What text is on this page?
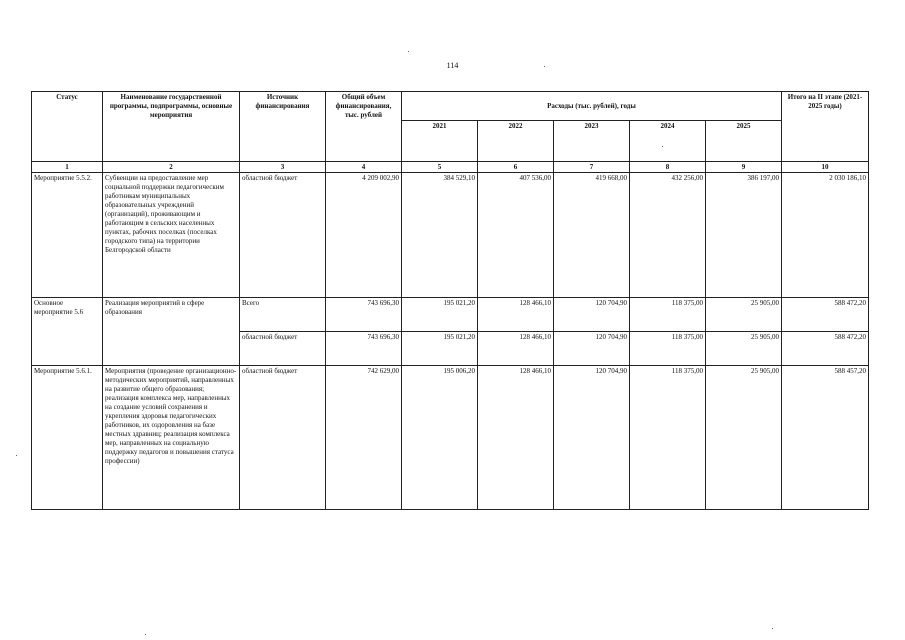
114
Статус	Наименование государственной программы, подпрограммы, основные мероприятия	Источник финансирования	Общий объем финансирования, тыс. рублей	Расходы (тыс. рублей), годы					Итого на II этапе (2021-2025 годы)
				2021	2022	2023	2024	2025	
1	2	3	4	5	6	7	8	9	10
Мероприятие 5.5.2.	Субвенции на предоставление мер социальной поддержки педагогическим работникам муниципальных образовательных учреждений (организаций), проживающим и работающим в сельских населенных пунктах, рабочих поселках (поселках городского типа) на территории Белгородской области	областной бюджет	4 209 002,90	384 529,10	407 536,00	419 668,00	432 256,00	386 197,00	2 030 186,10
Основное мероприятие 5.6	Реализация мероприятий в сфере образования	Всего	743 696,30	195 021,20	128 466,10	120 704,90	118 375,00	25 905,00	588 472,20
		областной бюджет	743 696,30	195 021,20	128 466,10	120 704,90	118 375,00	25 905,00	588 472,20
Мероприятие 5.6.1.	Мероприятия (проведение организационно-методических мероприятий, направленных на развитие общего образования; реализация комплекса мер, направленных на создание условий сохранения и укрепления здоровья педагогических работников, их оздоровления на базе местных здравниц; реализация комплекса мер, направленных на социальную поддержку педагогов и повышения статуса профессии)	областной бюджет	742 629,00	195 006,20	128 466,10	120 704,90	118 375,00	25 905,00	588 457,20
